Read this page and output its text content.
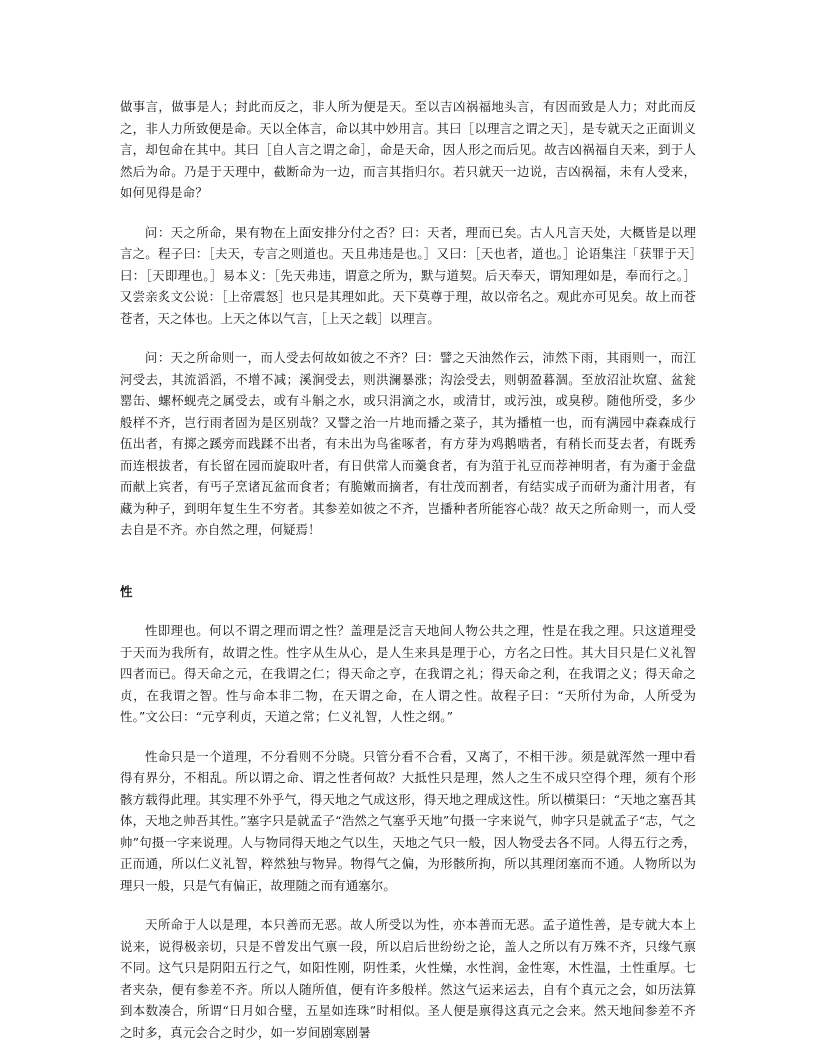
做事言，做事是人；封此而反之，非人所为便是天。至以吉凶祸福地头言，有因而致是人力；对此而反之，非人力所致便是命。天以全体言，命以其中妙用言。其曰［以理言之谓之天］，是专就天之正面训义言，却包命在其中。其曰［自人言之谓之命］，命是天命，因人形之而后见。故吉凶祸福自天来，到于人然后为命。乃是于天理中，截断命为一边，而言其指归尔。若只就天一边说，吉凶祸福，未有人受来，如何见得是命？

问：天之所命，果有物在上面安排分付之否？曰：天者，理而已矣。古人凡言天处，大概皆是以理言之。程子曰：［夫天，专言之则道也。天且弗违是也。］又曰：［天也者，道也。］论语集注「获罪于天］曰：［天即理也。］易本义：［先天弗违，谓意之所为，默与道契。后天奉天，谓知理如是，奉而行之。］又尝亲炙文公说：［上帝震怒］也只是其理如此。天下莫尊于理，故以帝名之。观此亦可见矣。故上而苍苍者，天之体也。上天之体以气言，［上天之载］以理言。

问：天之所命则一，而人受去何故如彼之不齐？曰：譬之天油然作云，沛然下雨，其雨则一，而江河受去，其流滔滔，不增不减；溪涧受去，则洪澜暴涨；沟浍受去，则朝盈暮涸。至放沼沚坎窟、盆瓮罂缶、螺杯蚬壳之属受去，或有斗斛之水，或只涓滴之水，或清甘，或污浊，或臭秽。随他所受，多少般样不齐，岂行雨者固为是区别哉？又譬之治一片地而播之菜子，其为播植一也，而有满园中森森成行伍出者，有掷之蹊旁而践蹂不出者，有未出为鸟雀啄者，有方芽为鸡鹅啮者，有稍长而芟去者，有既秀而连根拔者，有长留在园而旋取叶者，有日供常人而羹食者，有为菹于礼豆而荐神明者，有为齑于金盘而献上宾者，有丐子烹诸瓦盆而食者；有脆嫩而摘者，有壮茂而割者，有结实成子而研为齑汁用者，有藏为种子，到明年复生生不穷者。其参差如彼之不齐，岂播种者所能容心哉？故天之所命则一，而人受去自是不齐。亦自然之理，何疑焉！

性

性即理也。何以不谓之理而谓之性？盖理是泛言天地间人物公共之理，性是在我之理。只这道理受于天而为我所有，故谓之性。性字从生从心，是人生来具是理于心，方名之曰性。其大目只是仁义礼智四者而已。得天命之元，在我谓之仁；得天命之亨，在我谓之礼；得天命之利，在我谓之义；得天命之贞，在我谓之智。性与命本非二物，在天谓之命，在人谓之性。故程子曰：“天所付为命，人所受为性。”文公曰：“元亨利贞，天道之常；仁义礼智，人性之纲。”

性命只是一个道理，不分看则不分晓。只管分看不合看，又离了，不相干涉。须是就浑然一理中看得有界分，不相乱。所以谓之命、谓之性者何故？大抵性只是理，然人之生不成只空得个理，须有个形骸方载得此理。其实理不外乎气，得天地之气成这形，得天地之理成这性。所以横渠曰：“天地之塞吾其体，天地之帅吾其性。”塞字只是就孟子“浩然之气塞乎天地”句摄一字来说气，帅字只是就孟子“志，气之帅”句摄一字来说理。人与物同得天地之气以生，天地之气只一般，因人物受去各不同。人得五行之秀，正而通，所以仁义礼智，粹然独与物异。物得气之偏，为形骸所拘，所以其理闭塞而不通。人物所以为理只一般，只是气有偏正，故理随之而有通塞尔。

天所命于人以是理，本只善而无恶。故人所受以为性，亦本善而无恶。孟子道性善，是专就大本上说来，说得极亲切，只是不曾发出气禀一段，所以启后世纷纷之论，盖人之所以有万殊不齐，只缘气禀不同。这气只是阴阳五行之气，如阳性刚，阴性柔，火性燥，水性润，金性寒，木性温，土性重厚。七者夹杂，便有参差不齐。所以人随所值，便有许多般样。然这气运来运去，自有个真元之会，如历法算到本数凑合，所谓“日月如合璧，五星如连珠”时相似。圣人便是禀得这真元之会来。然天地间参差不齐之时多，真元会合之时少，如一岁间剧寒剧暑
